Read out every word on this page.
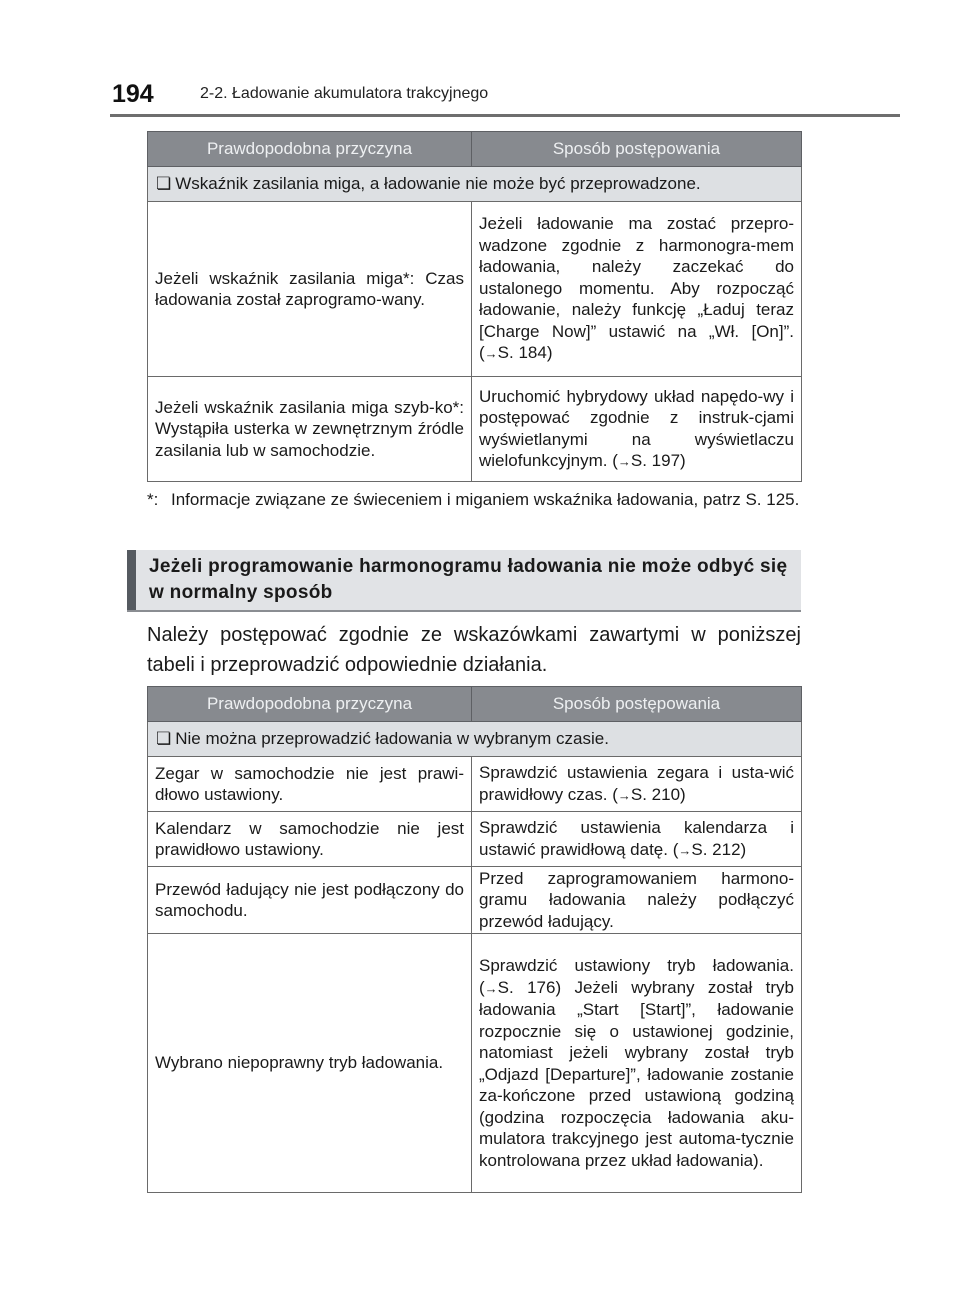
194	2-2. Ładowanie akumulatora trakcyjnego
Prawdopodobna przyczyna	Sposób postępowania
❏ Wskaźnik zasilania miga, a ładowanie nie może być przeprowadzone.	
Jeżeli wskaźnik zasilania miga*: Czas ładowania został zaprogramo-wany.	Jeżeli ładowanie ma zostać przepro-wadzone zgodnie z harmonogra-mem ładowania, należy zaczekać do ustalonego momentu. Aby rozpocząć ładowanie, należy funkcję „Ładuj teraz [Charge Now]” ustawić na „Wł. [On]”. (→S. 184)
Jeżeli wskaźnik zasilania miga szyb-ko*: Wystąpiła usterka w zewnętrznym źródle zasilania lub w samochodzie.	Uruchomić hybrydowy układ napędo-wy i postępować zgodnie z instruk-cjami wyświetlanymi na wyświetlaczu wielofunkcyjnym. (→S. 197)
*: Informacje związane ze świeceniem i miganiem wskaźnika ładowania, patrz S. 125.
Jeżeli programowanie harmonogramu ładowania nie może odbyć się w normalny sposób
Należy postępować zgodnie ze wskazówkami zawartymi w poniższej tabeli i przeprowadzić odpowiednie działania.
Prawdopodobna przyczyna	Sposób postępowania
❏ Nie można przeprowadzić ładowania w wybranym czasie.	
Zegar w samochodzie nie jest prawi-dłowo ustawiony.	Sprawdzić ustawienia zegara i usta-wić prawidłowy czas. (→S. 210)
Kalendarz w samochodzie nie jest prawidłowo ustawiony.	Sprawdzić ustawienia kalendarza i ustawić prawidłową datę. (→S. 212)
Przewód ładujący nie jest podłączony do samochodu.	Przed zaprogramowaniem harmono-gramu ładowania należy podłączyć przewód ładujący.
Wybrano niepoprawny tryb ładowania.	Sprawdzić ustawiony tryb ładowania. (→S. 176) Jeżeli wybrany został tryb ładowania „Start [Start]”, ładowanie rozpocznie się o ustawionej godzinie, natomiast jeżeli wybrany został tryb „Odjazd [Departure]”, ładowanie zostanie za-kończone przed ustawioną godziną (godzina rozpoczęcia ładowania aku-mulatora trakcyjnego jest automa-tycznie kontrolowana przez układ ładowania).
